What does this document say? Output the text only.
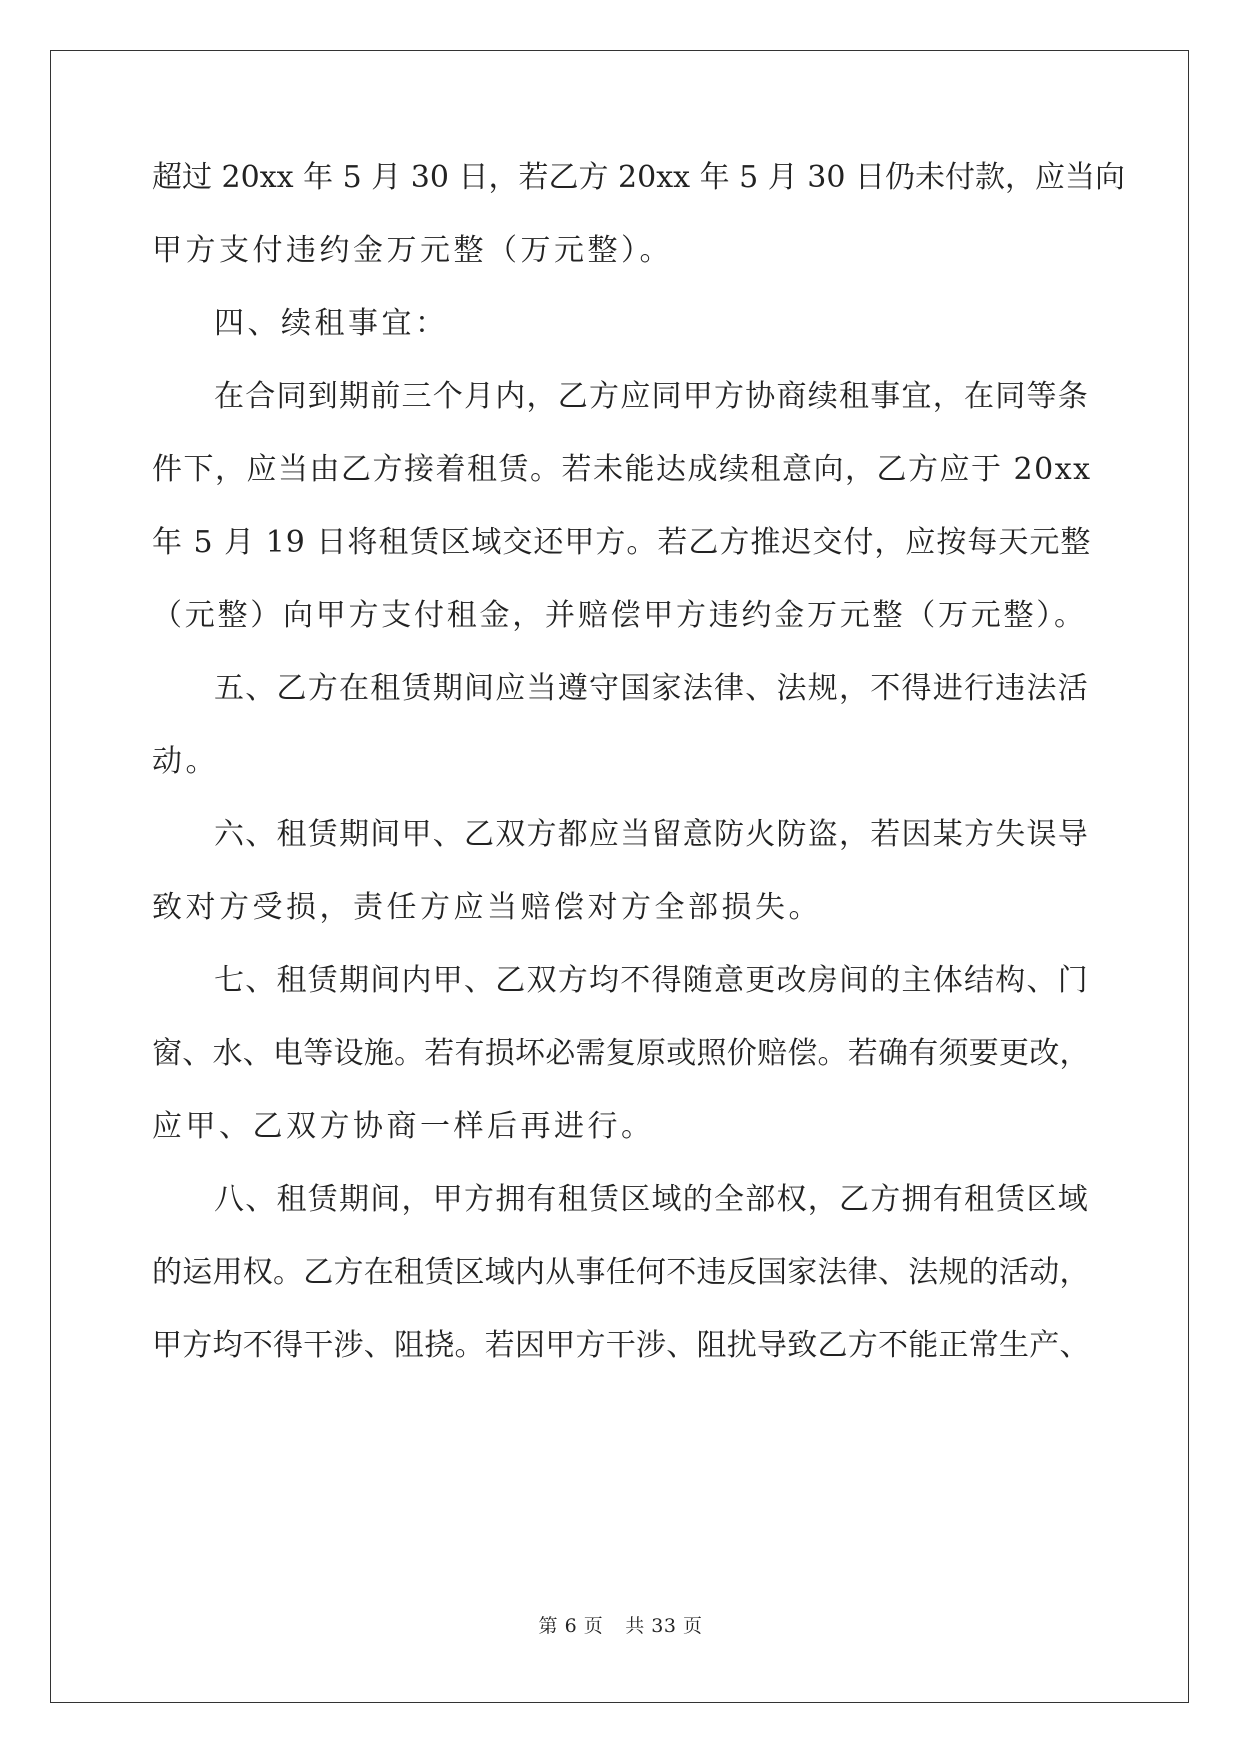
超过 20xx 年 5 月 30 日，若乙方 20xx 年 5 月 30 日仍未付款，应当向
甲方支付违约金万元整（万元整）。
四、续租事宜：
在合同到期前三个月内，乙方应同甲方协商续租事宜，在同等条
件下，应当由乙方接着租赁。若未能达成续租意向，乙方应于 20xx
年 5 月 19 日将租赁区域交还甲方。若乙方推迟交付，应按每天元整
（元整）向甲方支付租金，并赔偿甲方违约金万元整（万元整）。
五、乙方在租赁期间应当遵守国家法律、法规，不得进行违法活
动。
六、租赁期间甲、乙双方都应当留意防火防盗，若因某方失误导
致对方受损，责任方应当赔偿对方全部损失。
七、租赁期间内甲、乙双方均不得随意更改房间的主体结构、门
窗、水、电等设施。若有损坏必需复原或照价赔偿。若确有须要更改，
应甲、乙双方协商一样后再进行。
八、租赁期间，甲方拥有租赁区域的全部权，乙方拥有租赁区域
的运用权。乙方在租赁区域内从事任何不违反国家法律、法规的活动，
甲方均不得干涉、阻挠。若因甲方干涉、阻扰导致乙方不能正常生产、
第 6 页 共 33 页
